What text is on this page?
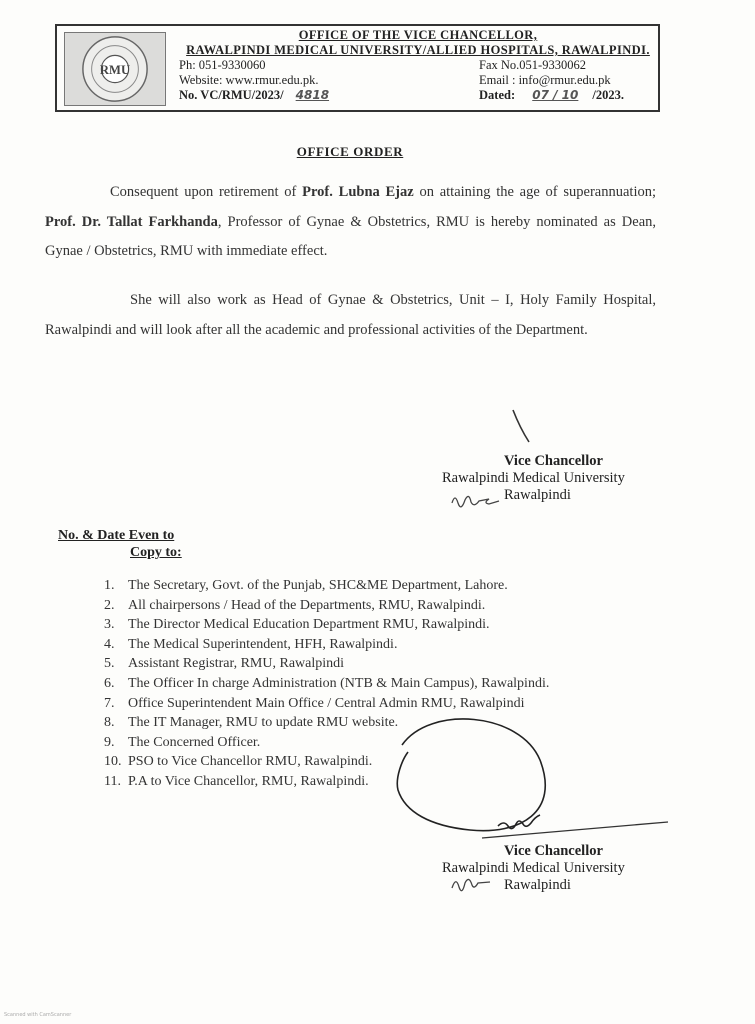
RMU
OFFICE OF THE VICE CHANCELLOR,
RAWALPINDI MEDICAL UNIVERSITY/ALLIED HOSPITALS, RAWALPINDI.
Ph: 051-9330060	Fax No.051-9330062
Website: www.rmur.edu.pk.	Email : info@rmur.edu.pk
No. VC/RMU/2023/ 4818	Dated: 07 / 10 /2023.
OFFICE ORDER
Consequent upon retirement of Prof. Lubna Ejaz on attaining the age of superannuation; Prof. Dr. Tallat Farkhanda, Professor of Gynae & Obstetrics, RMU is hereby nominated as Dean, Gynae / Obstetrics, RMU with immediate effect.
She will also work as Head of Gynae & Obstetrics, Unit – I, Holy Family Hospital, Rawalpindi and will look after all the academic and professional activities of the Department.
Vice Chancellor
Rawalpindi Medical University
Rawalpindi
No. & Date Even to
Copy to:
1. The Secretary, Govt. of the Punjab, SHC&ME Department, Lahore.
2. All chairpersons / Head of the Departments, RMU, Rawalpindi.
3. The Director Medical Education Department RMU, Rawalpindi.
4. The Medical Superintendent, HFH, Rawalpindi.
5. Assistant Registrar, RMU, Rawalpindi
6. The Officer In charge Administration (NTB & Main Campus), Rawalpindi.
7. Office Superintendent Main Office / Central Admin RMU, Rawalpindi
8. The IT Manager, RMU to update RMU website.
9. The Concerned Officer.
10. PSO to Vice Chancellor RMU, Rawalpindi.
11. P.A to Vice Chancellor, RMU, Rawalpindi.
Vice Chancellor
Rawalpindi Medical University
Rawalpindi
Scanned with CamScanner
